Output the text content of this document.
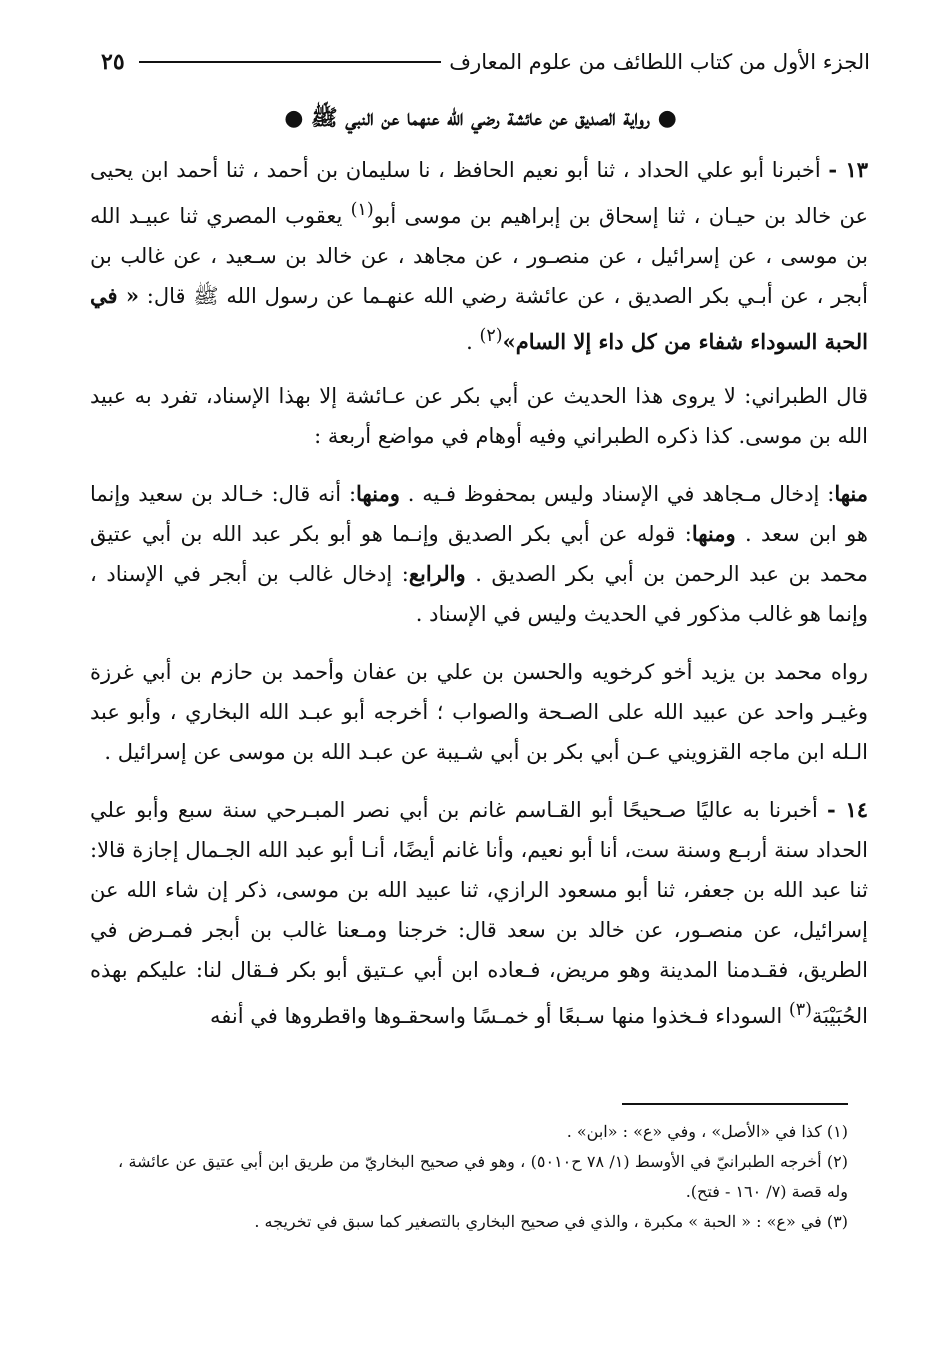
الجزء الأول من كتاب اللطائف من علوم المعارف
٢٥
● رواية الصديق عن عائشة رضي الله عنهما عن النبي ﷺ ●

١٣ - أخبرنا أبو علي الحداد ، ثنا أبو نعيم الحافظ ، نا سليمان بن أحمد ، ثنا أحمد ابن يحيى عن خالد بن حيـان ، ثنا إسحاق بن إبراهيم بن موسى أبو$^{(١)}$ يعقوب المصري ثنا عبيـد الله بن موسى ، عن إسرائيل ، عن منصـور ، عن مجاهد ، عن خالد بن سـعيد ، عن غالب بن أبجر ، عن أبـي بكر الصديق ، عن عائشة رضي الله عنهـما عن رسول الله ﷺ قال: « في الحبة السوداء شفاء من كل داء إلا السام»$^{(٢)}$ .

قال الطبراني: لا يروى هذا الحديث عن أبي بكر عن عـائشة إلا بهذا الإسناد، تفرد به عبيد الله بن موسى. كذا ذكره الطبراني وفيه أوهام في مواضع أربعة :

منها: إدخال مـجاهد في الإسناد وليس بمحفوظ فـيه . ومنها: أنه قال: خـالد بن سعيد وإنما هو ابن سعد . ومنها: قوله عن أبي بكر الصديق وإنـما هو أبو بكر عبد الله بن أبي عتيق محمد بن عبد الرحمن بن أبي بكر الصديق . والرابع: إدخال غالب بن أبجر في الإسناد ، وإنما هو غالب مذكور في الحديث وليس في الإسناد .

رواه محمد بن يزيد أخو كرخويه والحسن بن علي بن عفان وأحمد بن حازم بن أبي غرزة وغيـر واحد عن عبيد الله على الصـحة والصواب ؛ أخرجه أبو عبـد الله البخاري ، وأبو عبد الـله ابن ماجه القزويني عـن أبي بكر بن أبي شـيبة عن عبـد الله بن موسى عن إسرائيل .

١٤ - أخبرنا به عاليًا صـحيحًا أبو القـاسم غانم بن أبي نصر المبـرحي سنة سبع وأبو علي الحداد سنة أربـع وسنة ست، أنا أبو نعيم، وأنا غانم أيضًا، أنـا أبو عبد الله الجـمال إجازة قالا: ثنا عبد الله بن جعفر، ثنا أبو مسعود الرازي، ثنا عبيد الله بن موسى، ذكر إن شاء الله عن إسرائيل، عن منصـور، عن خالد بن سعد قال: خرجنا ومـعنا غالب بن أبجر فمـرض في الطريق، فقـدمنا المدينة وهو مريض، فـعاده ابن أبي عـتيق أبو بكر فـقال لنا: عليكم بهذه الحُبَيْبَة$^{(٣)}$ السوداء فـخذوا منها سـبعًا أو خمـسًا واسحقـوها واقطروها في أنفه

(١) كذا في «الأصل» ، وفي «ع» : «ابن» .

(٢) أخرجه الطبرانيّ في الأوسط (١/ ٧٨ ح٥٠١٠) ، وهو في صحيح البخاريّ من طريق ابن أبي عتيق عن عائشة ، وله قصة (٧/ ١٦٠ - فتح).

(٣) في «ع» : « الحبة » مكبرة ، والذي في صحيح البخاري بالتصغير كما سبق في تخريجه .
